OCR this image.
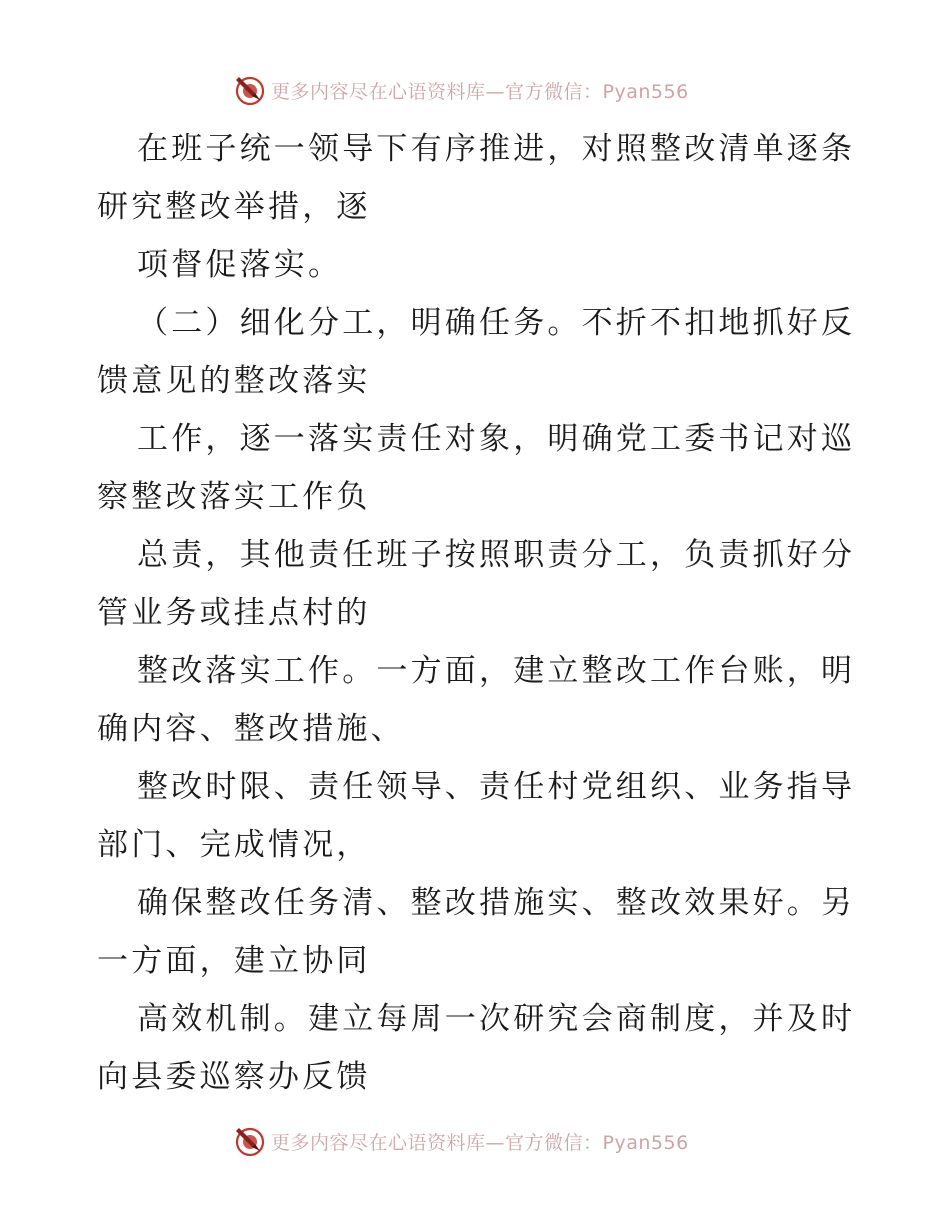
更多内容尽在心语资料库—官方微信：Pyan556

在班子统一领导下有序推进，对照整改清单逐条研究整改举措，逐

项督促落实。

（二）细化分工，明确任务。不折不扣地抓好反馈意见的整改落实

工作，逐一落实责任对象，明确党工委书记对巡察整改落实工作负

总责，其他责任班子按照职责分工，负责抓好分管业务或挂点村的

整改落实工作。一方面，建立整改工作台账，明确内容、整改措施、

整改时限、责任领导、责任村党组织、业务指导部门、完成情况，

确保整改任务清、整改措施实、整改效果好。另一方面，建立协同

高效机制。建立每周一次研究会商制度，并及时向县委巡察办反馈

更多内容尽在心语资料库—官方微信：Pyan556
